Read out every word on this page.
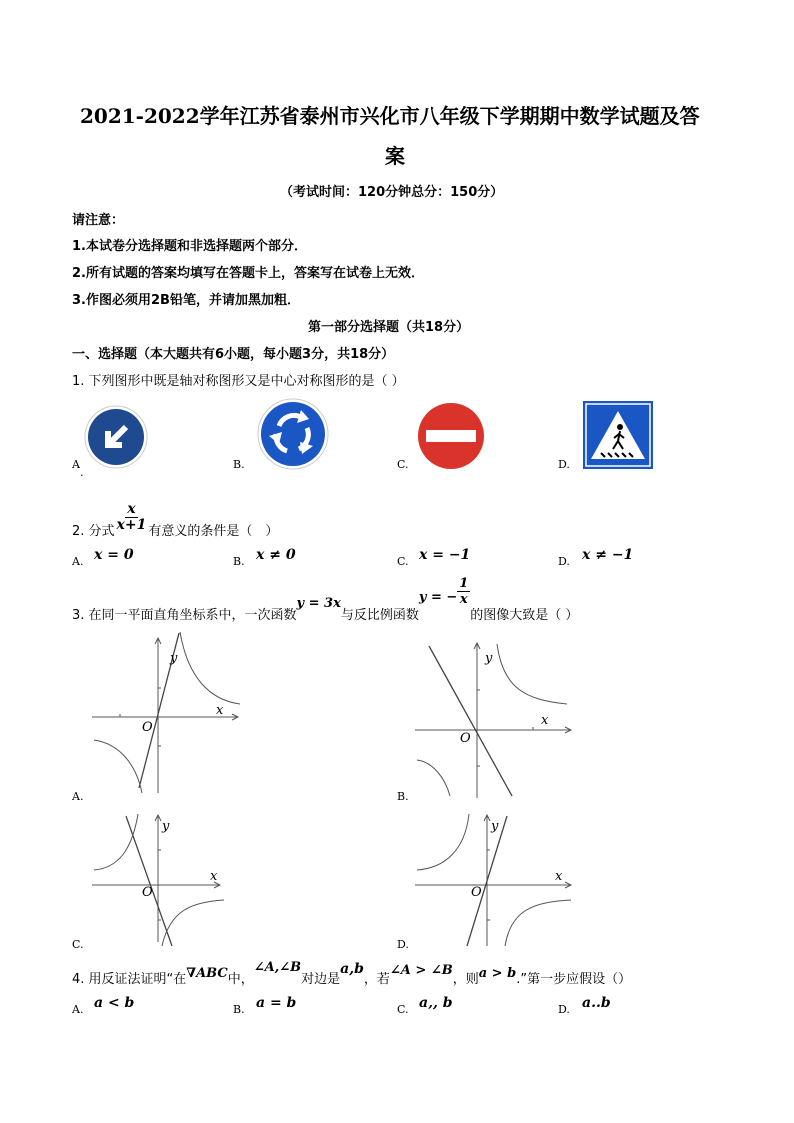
2021-2022学年江苏省泰州市兴化市八年级下学期期中数学试题及答
案
（考试时间：120分钟总分：150分）
请注意：
1.本试卷分选择题和非选择题两个部分．
2.所有试题的答案均填写在答题卡上，答案写在试卷上无效．
3.作图必须用2B铅笔，并请加黑加粗．
第一部分选择题（共18分）
一、选择题（本大题共有6小题，每小题3分，共18分）
1. 下列图形中既是轴对称图形又是中心对称图形的是（ ）
A
.
B.	C.	D.
2. 分式 $\frac{x}{x+1}$ 有意义的条件是（　）
A. x = 0	B. x ≠ 0	C. x = −1	D. x ≠ −1
3. 在同一平面直角坐标系中，一次函数
y = 3x
与反比例函数
y = − $\frac{1}{x}$
的图像大致是（ ）
y
x
O
A.
y
x
O
B.
y
x
O
C.
y
x
O
D.
4. 用反证法证明“在 ∇ABC 中，
∠A,∠B
对边是
a,b
，若
∠A > ∠B
，则 a > b .”第一步应假设（）
A. a < b	B. a = b	C. a‚, b	D. a..b
